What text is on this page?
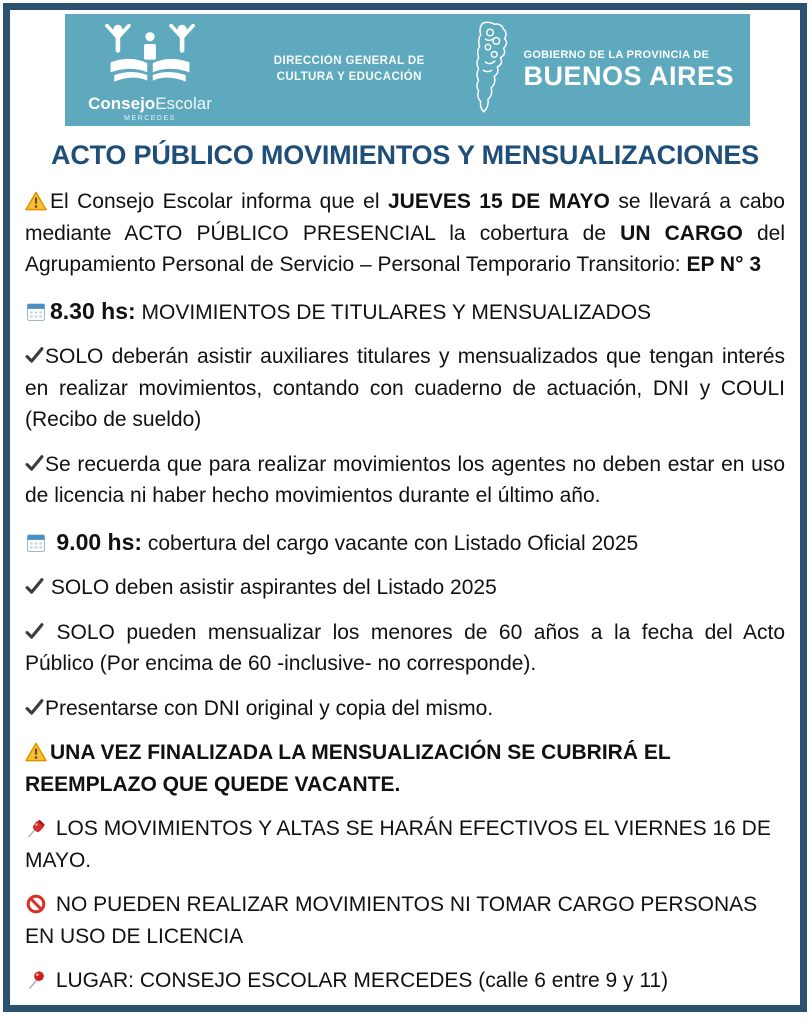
ConsejoEscolar
MERCEDES
DIRECCIÓN GENERAL DE
CULTURA Y EDUCACIÓN
GOBIERNO DE LA PROVINCIA DE
BUENOS AIRES
ACTO PÚBLICO MOVIMIENTOS Y MENSUALIZACIONES

El Consejo Escolar informa que el JUEVES 15 DE MAYO se llevará a cabo mediante ACTO PÚBLICO PRESENCIAL la cobertura de UN CARGO del Agrupamiento Personal de Servicio – Personal Temporario Transitorio: EP N° 3

8.30 hs: MOVIMIENTOS DE TITULARES Y MENSUALIZADOS

SOLO deberán asistir auxiliares titulares y mensualizados que tengan interés en realizar movimientos, contando con cuaderno de actuación, DNI y COULI (Recibo de sueldo)

Se recuerda que para realizar movimientos los agentes no deben estar en uso de licencia ni haber hecho movimientos durante el último año.

9.00 hs: cobertura del cargo vacante con Listado Oficial 2025

SOLO deben asistir aspirantes del Listado 2025

SOLO pueden mensualizar los menores de 60 años a la fecha del Acto Público (Por encima de 60 -inclusive- no corresponde).

Presentarse con DNI original y copia del mismo.

UNA VEZ FINALIZADA LA MENSUALIZACIÓN SE CUBRIRÁ EL REEMPLAZO QUE QUEDE VACANTE.

LOS MOVIMIENTOS Y ALTAS SE HARÁN EFECTIVOS EL VIERNES 16 DE MAYO.

NO PUEDEN REALIZAR MOVIMIENTOS NI TOMAR CARGO PERSONAS EN USO DE LICENCIA

LUGAR: CONSEJO ESCOLAR MERCEDES (calle 6 entre 9 y 11)
